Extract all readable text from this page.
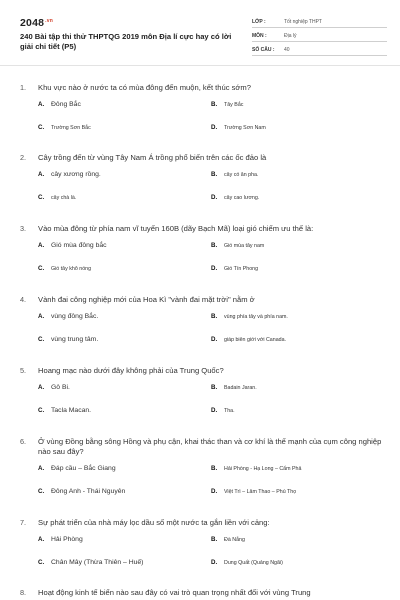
$2048^{.vn}$
240 Bài tập thi thử THPTQG 2019 môn Địa lí cực hay có lời giải chi tiết (P5)
LỚP :	Tốt nghiệp THPT
MÔN :	Địa lý
SỐ CÂU : 40
1. Khu vực nào ở nước ta có mùa đông đến muộn, kết thúc sớm?
A. Đông Bắc	B. Tây Bắc
C. Trường Sơn Bắc	D. Trường Sơn Nam
2. Cây trồng đến từ vùng Tây Nam Á trồng phổ biến trên các ốc đảo là
A. cây xương rồng.	B. cây có ăn pha.
C. cây chà là.	D. cây cao lương.
3. Vào mùa đông từ phía nam vĩ tuyến 160B (dãy Bạch Mã) loại gió chiếm ưu thế là:
A. Gió mùa đông bắc	B. Gió mùa tây nam
C. Gió tây khô nóng	D. Gió Tín Phong
4. Vành đai công nghiệp mới của Hoa Kì "vành đai mặt trời" nằm ở
A. vùng đông Bắc.	B. vùng phía tây và phía nam.
C. vùng trung tâm.	D. giáp biên giới với Canada.
5. Hoang mạc nào dưới đây không phải của Trung Quốc?
A. Gô Bi.	B. Badain Jaran.
C. Tacla Macan.	D. Tha.
6. Ở vùng Đồng bằng sông Hồng và phụ cận, khai thác than và cơ khí là thế mạnh của cụm công nghiệp nào sau đây?
A. Đáp cầu – Bắc Giang	B. Hải Phòng - Hạ Long – Cẩm Phả
C. Đông Anh - Thái Nguyên	D. Việt Trì – Lâm Thao – Phú Thọ
7. Sự phát triển của nhà máy lọc dầu số một nước ta gắn liền với cảng:
A. Hải Phòng	B. Đà Nẵng
C. Chân Mây (Thừa Thiên – Huế)	D. Dung Quất (Quảng Ngãi)
8. Hoạt động kinh tế biển nào sau đây có vai trò quan trọng nhất đối với vùng Trung
